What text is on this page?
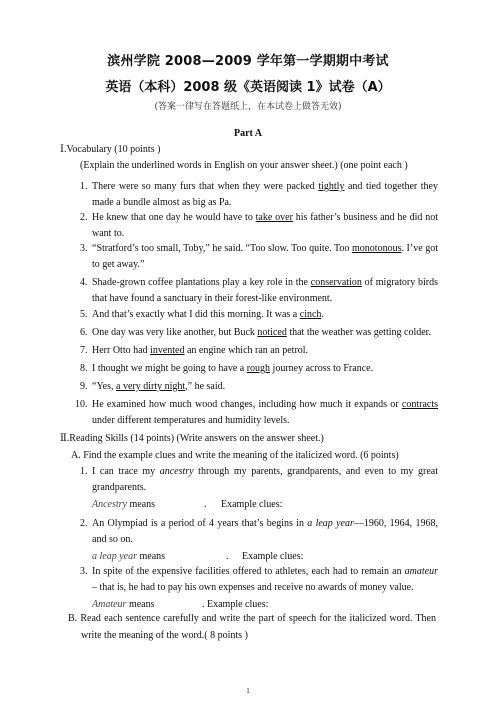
滨州学院 2008—2009 学年第一学期期中考试
英语（本科）2008 级《英语阅读 1》试卷（A）
(答案一律写在答题纸上，在本试卷上做答无效)
Part A
Ⅰ.Vocabulary (10 points )
(Explain the underlined words in English on your answer sheet.) (one point each )
1. There were so many furs that when they were packed tightly and tied together they
made a bundle almost as big as Pa.
2. He knew that one day he would have to take over his father’s business and he did not
want to.
3. “Stratford’s too small, Toby,” he said. “Too slow. Too quite. Too monotonous. I’ve got
to get away.”
4. Shade-grown coffee plantations play a key role in the conservation of migratory birds
that have found a sanctuary in their forest-like environment.
5. And that’s exactly what I did this morning. It was a cinch.
6. One day was very like another, but Buck noticed that the weather was getting colder.
7. Herr Otto had invented an engine which ran an petrol.
8. I thought we might be going to have a rough journey across to France.
9. “Yes, a very dirty night,” he said.
10. He examined how much wood changes, including how much it expands or contracts
under different temperatures and humidity levels.
Ⅱ.Reading Skills (14 points) (Write answers on the answer sheet.)
A. Find the example clues and write the meaning of the italicized word. (6 points)
1. I can trace my ancestry through my parents, grandparents, and even to my great
grandparents.
Ancestry means	. Example clues:
2. An Olympiad is a period of 4 years that’s begins in a leap year—1960, 1964, 1968,
and so on.
a leap year means	. Example clues:
3. In spite of the expensive facilities offered to athletes, each had to remain an amateur
– that is, he had to pay his own expenses and receive no awards of money value.
Amateur means	. Example clues:
B. Read each sentence carefully and write the part of speech for the italicized word. Then
write the meaning of the word.( 8 points )
1
